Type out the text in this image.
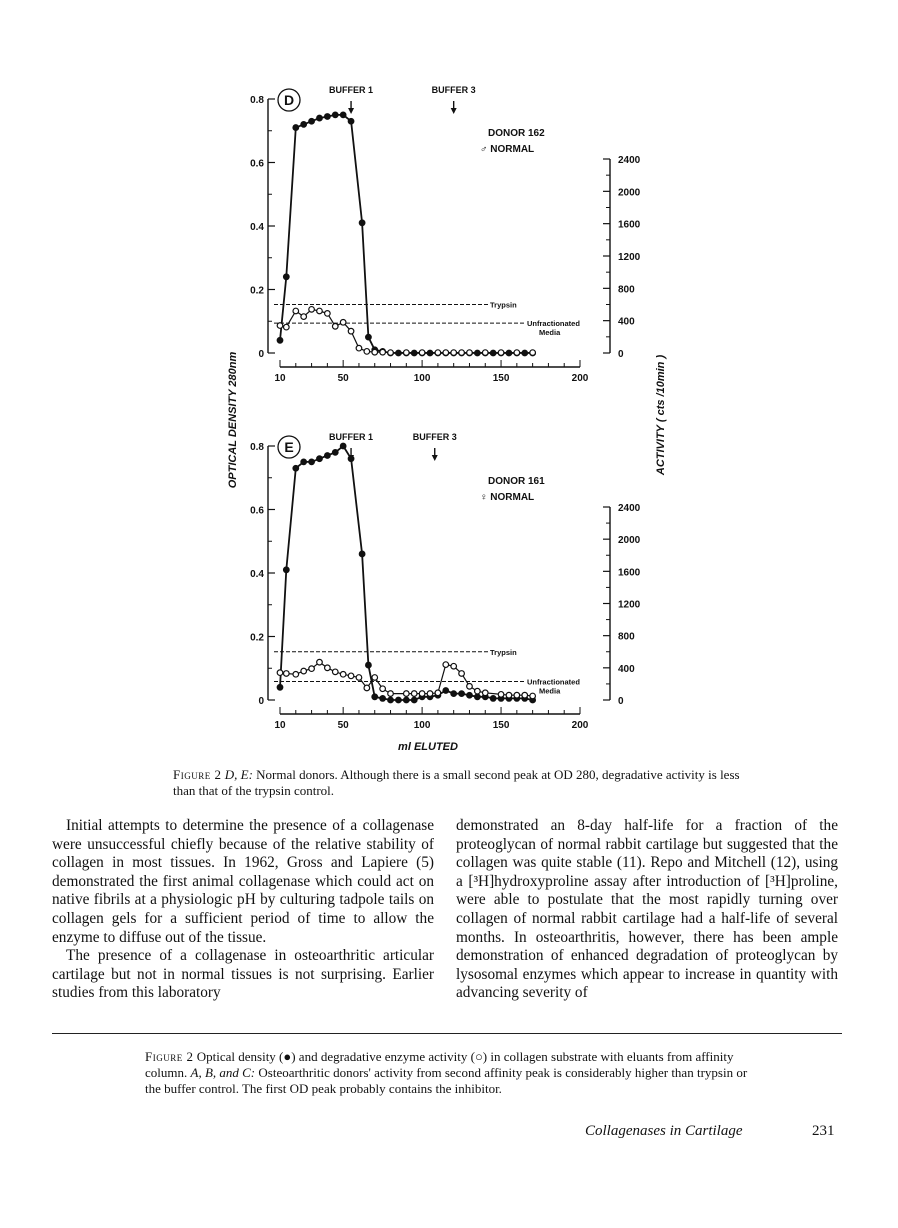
OPTICAL DENSITY 280nm	ACTIVITY ( cts /10min )
ml ELUTED
0
0.2
0.4
0.6
0.8
10	50	100	150	200
0
400
800
1200
1600
2000
2400
D
BUFFER 1	BUFFER 3
DONOR 162
♂ NORMAL
Trypsin
Unfractionated Media
0
0.2
0.4
0.6
0.8
10	50	100	150	200
0
400
800
1200
1600
2000
2400
E
BUFFER 1	BUFFER 3
DONOR 161
♀ NORMAL
Trypsin
Unfractionated Media
Figure 2 D, E: Normal donors. Although there is a small second peak at OD 280, degradative activity is less than that of the trypsin control.

Initial attempts to determine the presence of a collagenase were unsuccessful chiefly because of the relative stability of collagen in most tissues. In 1962, Gross and Lapiere (5) demonstrated the first animal collagenase which could act on native fibrils at a physiologic pH by culturing tadpole tails on collagen gels for a sufficient period of time to allow the enzyme to diffuse out of the tissue.

The presence of a collagenase in osteoarthritic articular cartilage but not in normal tissues is not surprising. Earlier studies from this laboratory

demonstrated an 8-day half-life for a fraction of the proteoglycan of normal rabbit cartilage but suggested that the collagen was quite stable (11). Repo and Mitchell (12), using a [³H]hydroxyproline assay after introduction of [³H]proline, were able to postulate that the most rapidly turning over collagen of normal rabbit cartilage had a half-life of several months. In osteoarthritis, however, there has been ample demonstration of enhanced degradation of proteoglycan by lysosomal enzymes which appear to increase in quantity with advancing severity of

Figure 2 Optical density (●) and degradative enzyme activity (○) in collagen substrate with eluants from affinity column. A, B, and C: Osteoarthritic donors' activity from second affinity peak is considerably higher than trypsin or the buffer control. The first OD peak probably contains the inhibitor.
Collagenases in Cartilage	231
